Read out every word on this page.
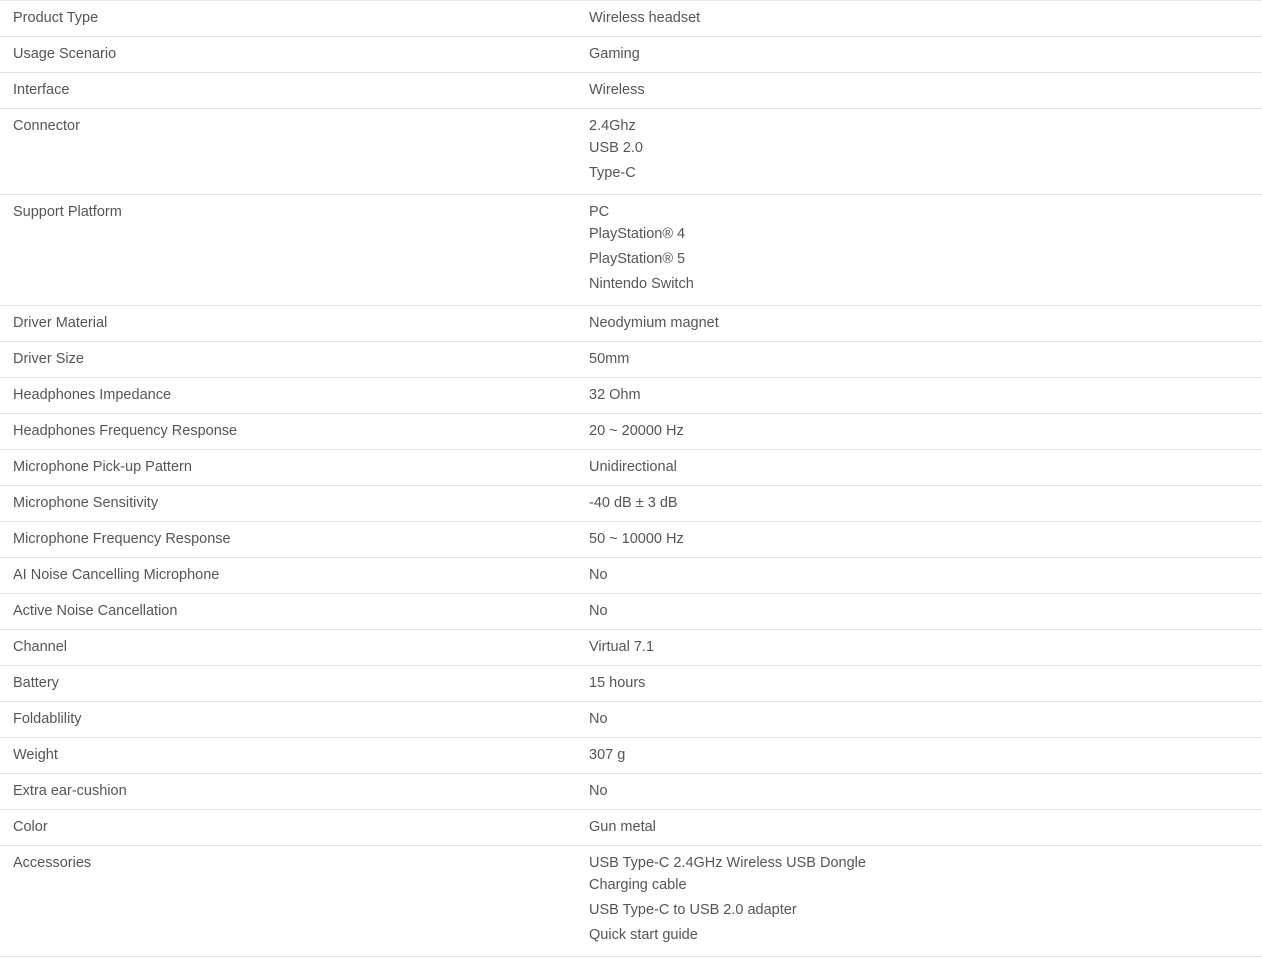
Product Type	Wireless headset
Usage Scenario	Gaming
Interface	Wireless
Connector	2.4Ghz
USB 2.0
Type-C
Support Platform	PC
PlayStation® 4
PlayStation® 5
Nintendo Switch
Driver Material	Neodymium magnet
Driver Size	50mm
Headphones Impedance	32 Ohm
Headphones Frequency Response	20 ~ 20000 Hz
Microphone Pick-up Pattern	Unidirectional
Microphone Sensitivity	-40 dB ± 3 dB
Microphone Frequency Response	50 ~ 10000 Hz
AI Noise Cancelling Microphone	No
Active Noise Cancellation	No
Channel	Virtual 7.1
Battery	15 hours
Foldablility	No
Weight	307 g
Extra ear-cushion	No
Color	Gun metal
Accessories	USB Type-C 2.4GHz Wireless USB Dongle
Charging cable
USB Type-C to USB 2.0 adapter
Quick start guide
